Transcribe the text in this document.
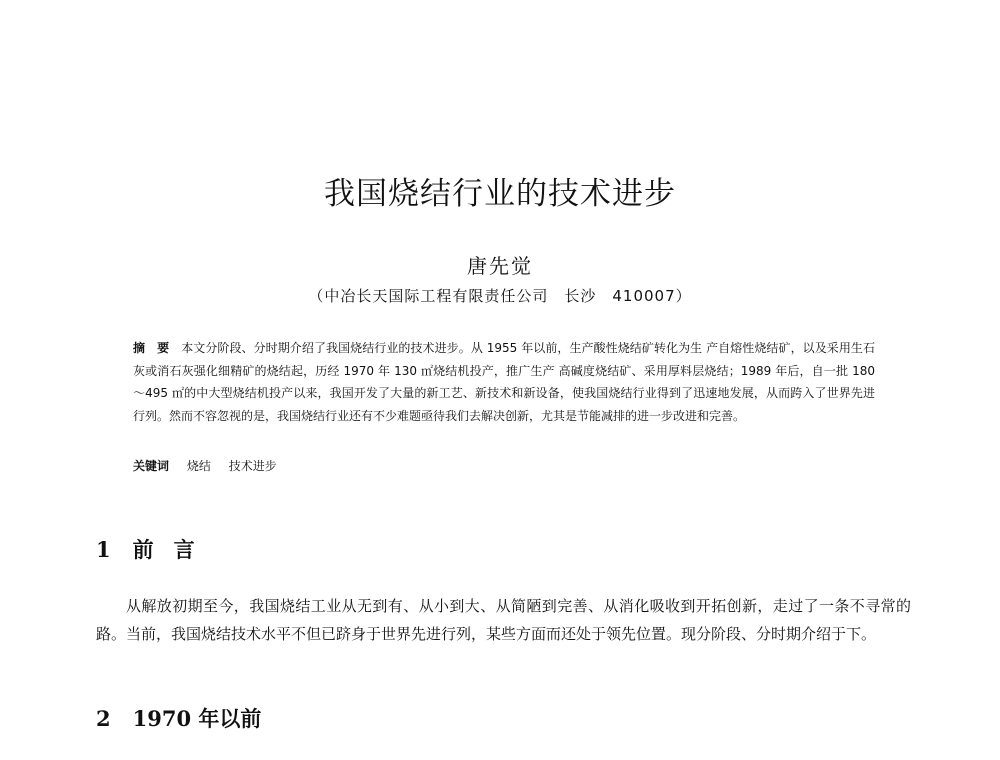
我国烧结行业的技术进步
唐先觉
（中冶长天国际工程有限责任公司　长沙　410007）

摘　要 本文分阶段、分时期介绍了我国烧结行业的技术进步。从 1955 年以前，生产酸性烧结矿转化为生 产自熔性烧结矿，以及采用生石灰或消石灰强化细精矿的烧结起，历经 1970 年 130 ㎡烧结机投产，推广生产 高碱度烧结矿、采用厚料层烧结；1989 年后，自一批 180～495 ㎡的中大型烧结机投产以来，我国开发了大量的新工艺、新技术和新设备，使我国烧结行业得到了迅速地发展，从而跨入了世界先进行列。然而不容忽视的是，我国烧结行业还有不少难题亟待我们去解决创新，尤其是节能减排的进一步改进和完善。

关键词 烧结 技术进步
1 前言

从解放初期至今，我国烧结工业从无到有、从小到大、从简陋到完善、从消化吸收到开拓创新，走过了一条不寻常的路。当前，我国烧结技术水平不但已跻身于世界先进行列，某些方面而还处于领先位置。现分阶段、分时期介绍于下。

2 1970 年以前
